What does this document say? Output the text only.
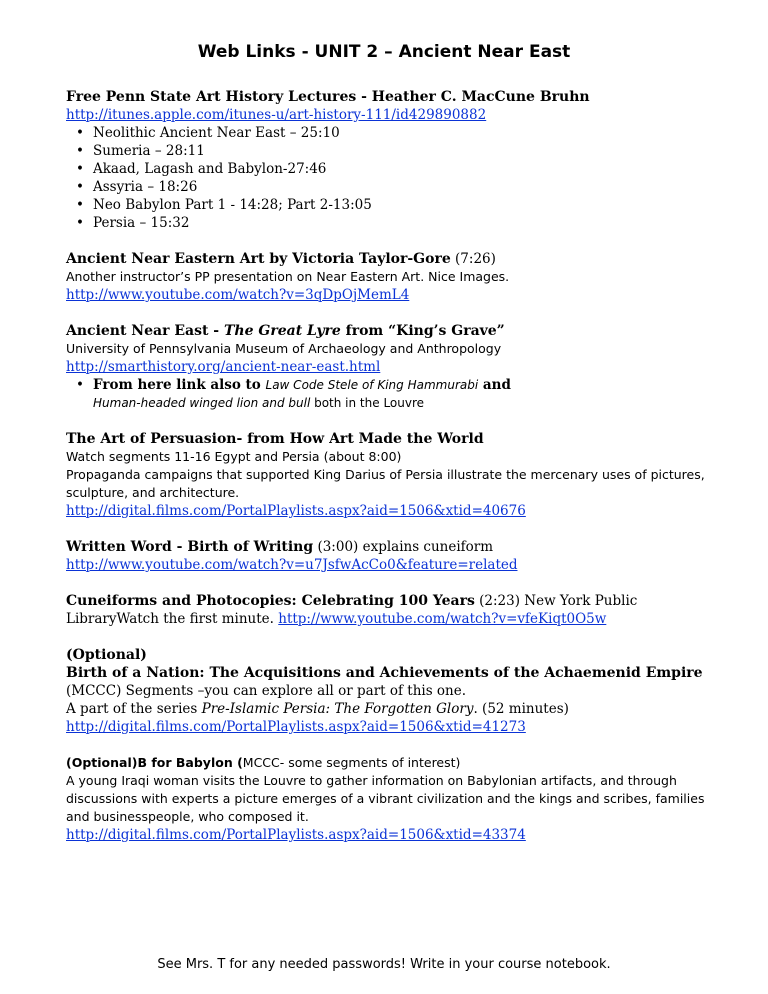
Web Links - UNIT 2 – Ancient Near East
Free Penn State Art History Lectures - Heather C. MacCune Bruhn
http://itunes.apple.com/itunes-u/art-history-111/id429890882
• Neolithic Ancient Near East – 25:10
• Sumeria – 28:11
• Akaad, Lagash and Babylon-27:46
• Assyria – 18:26
• Neo Babylon Part 1 - 14:28; Part 2-13:05
• Persia – 15:32
Ancient Near Eastern Art by Victoria Taylor-Gore (7:26)
Another instructor’s PP presentation on Near Eastern Art. Nice Images.
http://www.youtube.com/watch?v=3qDpOjMemL4
Ancient Near East - The Great Lyre from “King’s Grave”
University of Pennsylvania Museum of Archaeology and Anthropology
http://smarthistory.org/ancient-near-east.html
• From here link also to Law Code Stele of King Hammurabi and
Human-headed winged lion and bull both in the Louvre
The Art of Persuasion- from How Art Made the World
Watch segments 11-16 Egypt and Persia (about 8:00)
Propaganda campaigns that supported King Darius of Persia illustrate the mercenary uses of pictures, sculpture, and architecture.
http://digital.films.com/PortalPlaylists.aspx?aid=1506&xtid=40676
Written Word - Birth of Writing (3:00) explains cuneiform
http://www.youtube.com/watch?v=u7JsfwAcCo0&feature=related
Cuneiforms and Photocopies: Celebrating 100 Years (2:23) New York Public LibraryWatch the first minute. http://www.youtube.com/watch?v=vfeKiqt0O5w
(Optional)
Birth of a Nation: The Acquisitions and Achievements of the Achaemenid Empire
(MCCC) Segments –you can explore all or part of this one.
A part of the series Pre-Islamic Persia: The Forgotten Glory. (52 minutes)
http://digital.films.com/PortalPlaylists.aspx?aid=1506&xtid=41273
(Optional)B for Babylon (MCCC- some segments of interest)
A young Iraqi woman visits the Louvre to gather information on Babylonian artifacts, and through discussions with experts a picture emerges of a vibrant civilization and the kings and scribes, families and businesspeople, who composed it.
http://digital.films.com/PortalPlaylists.aspx?aid=1506&xtid=43374
See Mrs. T for any needed passwords! Write in your course notebook.
